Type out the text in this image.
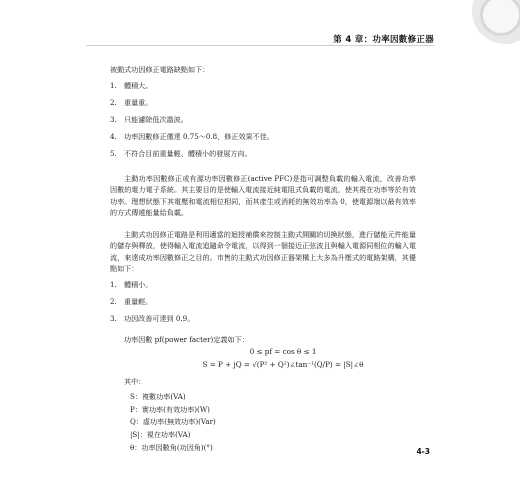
第 4 章：功率因數修正器

被動式功因修正電路缺點如下：

1.	體積大。
2.	重量重。
3.	只能濾除低次諧波。
4.	功率因數修正僅達 0.75～0.8，修正效果不佳。
5.	不符合目前重量輕、體積小的發展方向。

主動功率因數修正或有源功率因數修正(active PFC)是指可調整負載的輸入電流，改善功率因數的電力電子系統。其主要目的是使輸入電流接近純電阻式負載的電流，使其視在功率等於有效功率。理想狀態下其電壓和電流相位相同，而其產生或消耗的無效功率為 0，使電源端以最有效率的方式傳遞能量給負載。

主動式功因修正電路是利用適當的迴授補償來控制主動式開關的切換狀態，進行儲能元件能量的儲存與釋放，使得輸入電流追隨命令電流，以得到一個接近正弦波且與輸入電源同相位的輸入電流，來達成功率因數修正之目的。市售的主動式功因修正器架構上大多為升壓式的電路架構，其優點如下：

1.	體積小。
2.	重量輕。
3.	功因改善可達到 0.9。

功率因數 pf(power facter)定義如下：

0 ≤ pf = cos θ ≤ 1

S = P + jQ = √(P² + Q²)∠tan⁻¹(Q/P) = |S|∠θ

其中：

S：複數功率(VA)

P：實功率(有效功率)(W)

Q：虛功率(無效功率)(Var)

|S|：視在功率(VA)

θ：功率因數角(功因角)(°)	4-3
